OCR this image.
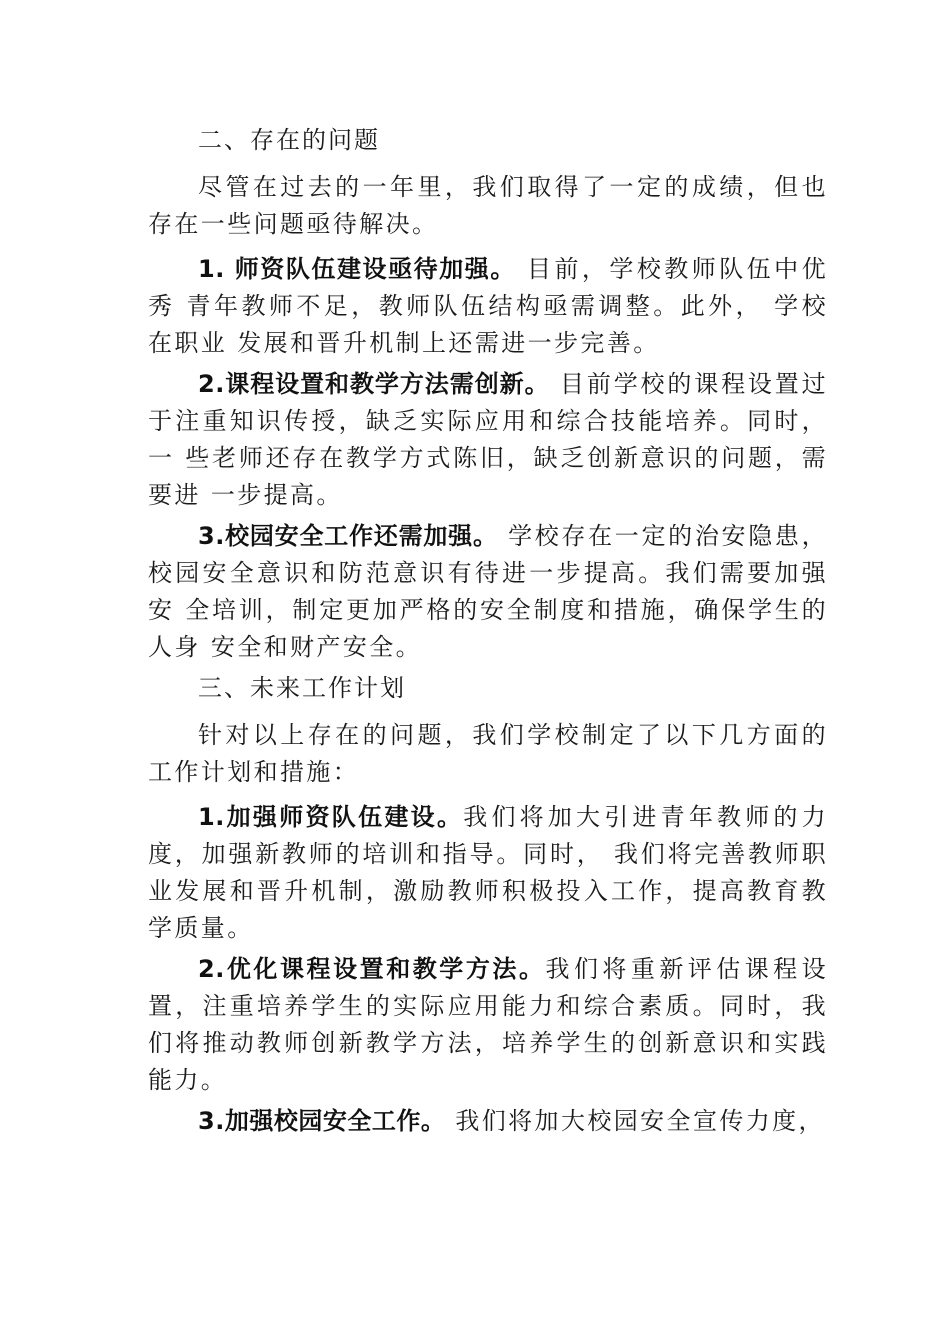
二、存在的问题

尽管在过去的一年里，我们取得了一定的成绩，但也存在一些问题亟待解决。

1. 师资队伍建设亟待加强。 目前，学校教师队伍中优秀 青年教师不足，教师队伍结构亟需调整。此外， 学校在职业 发展和晋升机制上还需进一步完善。

2.课程设置和教学方法需创新。 目前学校的课程设置过 于注重知识传授，缺乏实际应用和综合技能培养。同时，一 些老师还存在教学方式陈旧，缺乏创新意识的问题，需要进 一步提高。

3.校园安全工作还需加强。 学校存在一定的治安隐患， 校园安全意识和防范意识有待进一步提高。我们需要加强安 全培训，制定更加严格的安全制度和措施，确保学生的人身 安全和财产安全。

三、未来工作计划

针对以上存在的问题，我们学校制定了以下几方面的工作计划和措施：

1.加强师资队伍建设。我们将加大引进青年教师的力度，加强新教师的培训和指导。同时， 我们将完善教师职业发展和晋升机制，激励教师积极投入工作，提高教育教学质量。

2.优化课程设置和教学方法。我们将重新评估课程设置，注重培养学生的实际应用能力和综合素质。同时，我们将推动教师创新教学方法，培养学生的创新意识和实践能力。

3.加强校园安全工作。 我们将加大校园安全宣传力度，
